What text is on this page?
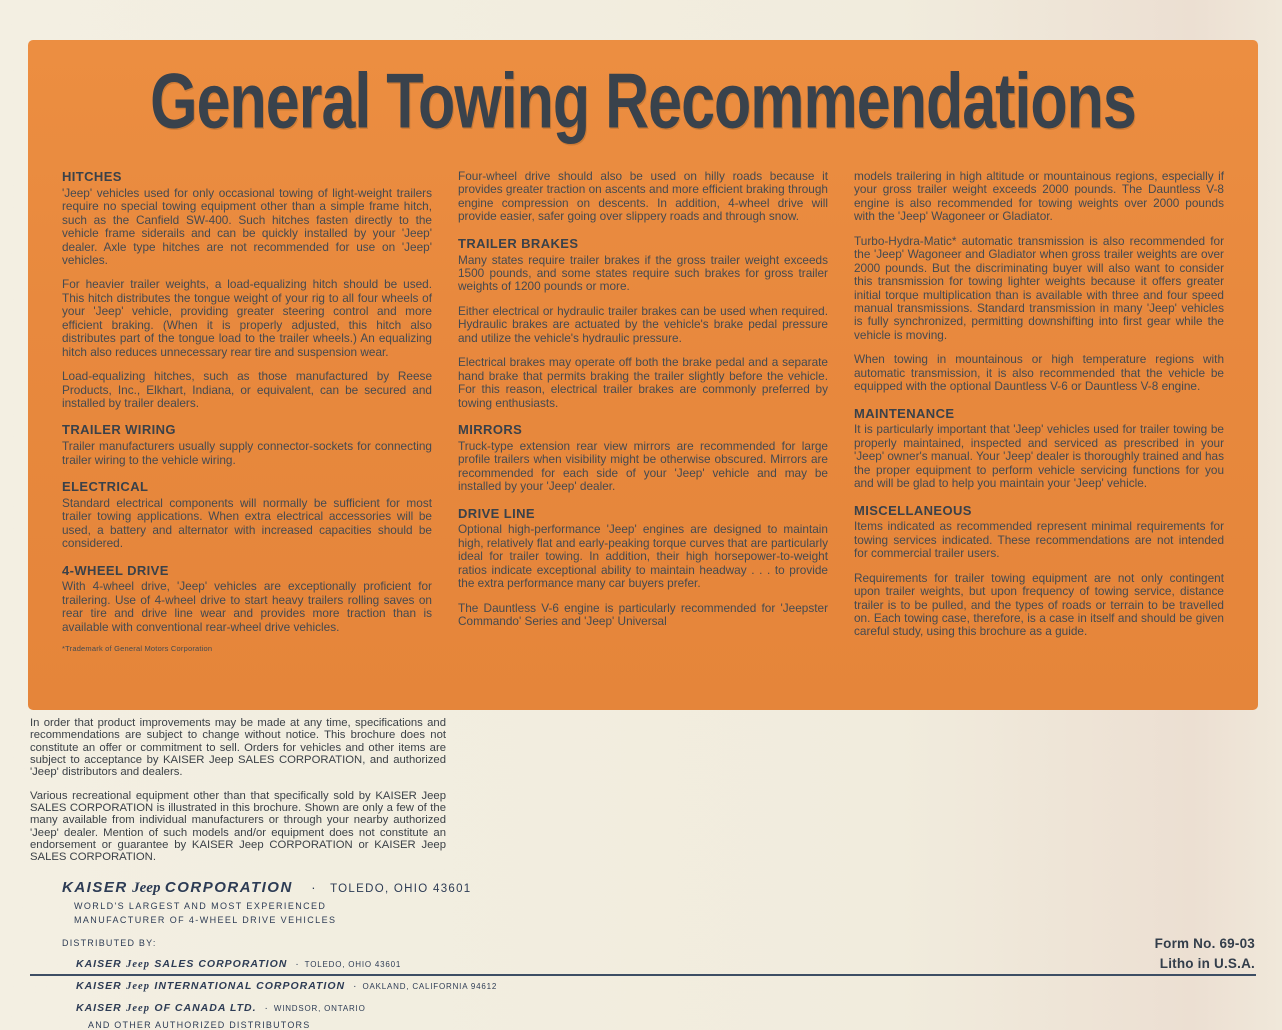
General Towing Recommendations
HITCHES

'Jeep' vehicles used for only occasional towing of light-weight trailers require no special towing equipment other than a simple frame hitch, such as the Canfield SW-400. Such hitches fasten directly to the vehicle frame siderails and can be quickly installed by your 'Jeep' dealer. Axle type hitches are not recommended for use on 'Jeep' vehicles.

For heavier trailer weights, a load-equalizing hitch should be used. This hitch distributes the tongue weight of your rig to all four wheels of your 'Jeep' vehicle, providing greater steering control and more efficient braking. (When it is properly adjusted, this hitch also distributes part of the tongue load to the trailer wheels.) An equalizing hitch also reduces unnecessary rear tire and suspension wear.

Load-equalizing hitches, such as those manufactured by Reese Products, Inc., Elkhart, Indiana, or equivalent, can be secured and installed by trailer dealers.

TRAILER WIRING

Trailer manufacturers usually supply connector-sockets for connecting trailer wiring to the vehicle wiring.

ELECTRICAL

Standard electrical components will normally be sufficient for most trailer towing applications. When extra electrical accessories will be used, a battery and alternator with increased capacities should be considered.

4-WHEEL DRIVE

With 4-wheel drive, 'Jeep' vehicles are exceptionally proficient for trailering. Use of 4-wheel drive to start heavy trailers rolling saves on rear tire and drive line wear and provides more traction than is available with conventional rear-wheel drive vehicles.

*Trademark of General Motors Corporation

Four-wheel drive should also be used on hilly roads because it provides greater traction on ascents and more efficient braking through engine compression on descents. In addition, 4-wheel drive will provide easier, safer going over slippery roads and through snow.

TRAILER BRAKES

Many states require trailer brakes if the gross trailer weight exceeds 1500 pounds, and some states require such brakes for gross trailer weights of 1200 pounds or more.

Either electrical or hydraulic trailer brakes can be used when required. Hydraulic brakes are actuated by the vehicle's brake pedal pressure and utilize the vehicle's hydraulic pressure.

Electrical brakes may operate off both the brake pedal and a separate hand brake that permits braking the trailer slightly before the vehicle. For this reason, electrical trailer brakes are commonly preferred by towing enthusiasts.

MIRRORS

Truck-type extension rear view mirrors are recommended for large profile trailers when visibility might be otherwise obscured. Mirrors are recommended for each side of your 'Jeep' vehicle and may be installed by your 'Jeep' dealer.

DRIVE LINE

Optional high-performance 'Jeep' engines are designed to maintain high, relatively flat and early-peaking torque curves that are particularly ideal for trailer towing. In addition, their high horsepower-to-weight ratios indicate exceptional ability to maintain headway . . . to provide the extra performance many car buyers prefer.

The Dauntless V-6 engine is particularly recommended for 'Jeepster Commando' Series and 'Jeep' Universal

models trailering in high altitude or mountainous regions, especially if your gross trailer weight exceeds 2000 pounds. The Dauntless V-8 engine is also recommended for towing weights over 2000 pounds with the 'Jeep' Wagoneer or Gladiator.

Turbo-Hydra-Matic* automatic transmission is also recommended for the 'Jeep' Wagoneer and Gladiator when gross trailer weights are over 2000 pounds. But the discriminating buyer will also want to consider this transmission for towing lighter weights because it offers greater initial torque multiplication than is available with three and four speed manual transmissions. Standard transmission in many 'Jeep' vehicles is fully synchronized, permitting downshifting into first gear while the vehicle is moving.

When towing in mountainous or high temperature regions with automatic transmission, it is also recommended that the vehicle be equipped with the optional Dauntless V-6 or Dauntless V-8 engine.

MAINTENANCE

It is particularly important that 'Jeep' vehicles used for trailer towing be properly maintained, inspected and serviced as prescribed in your 'Jeep' owner's manual. Your 'Jeep' dealer is thoroughly trained and has the proper equipment to perform vehicle servicing functions for you and will be glad to help you maintain your 'Jeep' vehicle.

MISCELLANEOUS

Items indicated as recommended represent minimal requirements for towing services indicated. These recommendations are not intended for commercial trailer users.

Requirements for trailer towing equipment are not only contingent upon trailer weights, but upon frequency of towing service, distance trailer is to be pulled, and the types of roads or terrain to be travelled on. Each towing case, therefore, is a case in itself and should be given careful study, using this brochure as a guide.

In order that product improvements may be made at any time, specifications and recommendations are subject to change without notice. This brochure does not constitute an offer or commitment to sell. Orders for vehicles and other items are subject to acceptance by KAISER Jeep SALES CORPORATION, and authorized 'Jeep' distributors and dealers.

Various recreational equipment other than that specifically sold by KAISER Jeep SALES CORPORATION is illustrated in this brochure. Shown are only a few of the many available from individual manufacturers or through your nearby authorized 'Jeep' dealer. Mention of such models and/or equipment does not constitute an endorsement or guarantee by KAISER Jeep CORPORATION or KAISER Jeep SALES CORPORATION.

KAISER Jeep CORPORATION · TOLEDO, OHIO 43601
WORLD'S LARGEST AND MOST EXPERIENCED
MANUFACTURER OF 4-WHEEL DRIVE VEHICLES
DISTRIBUTED BY:
KAISER Jeep SALES CORPORATION · TOLEDO, OHIO 43601
KAISER Jeep INTERNATIONAL CORPORATION · OAKLAND, CALIFORNIA 94612
KAISER Jeep OF CANADA LTD. · WINDSOR, ONTARIO
AND OTHER AUTHORIZED DISTRIBUTORS
Form No. 69-03
Litho in U.S.A.
